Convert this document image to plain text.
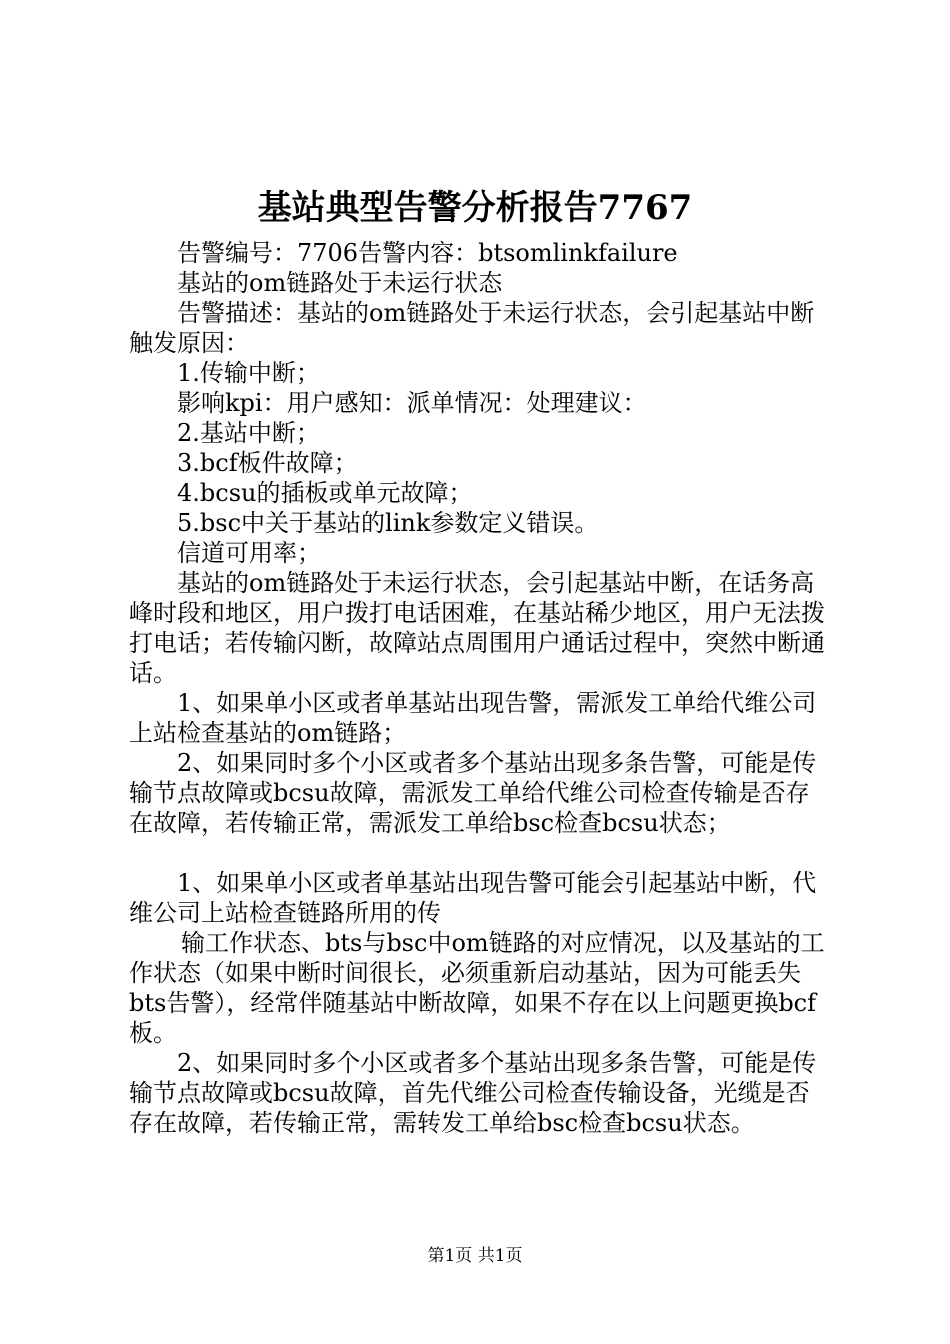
基站典型告警分析报告7767

告警编号：7706告警内容：btsomlinkfailure

基站的om链路处于未运行状态

告警描述：基站的om链路处于未运行状态，会引起基站中断触发原因：

1.传输中断；

影响kpi：用户感知：派单情况：处理建议：

2.基站中断；

3.bcf板件故障；

4.bcsu的插板或单元故障；

5.bsc中关于基站的link参数定义错误。

信道可用率；

基站的om链路处于未运行状态，会引起基站中断，在话务高峰时段和地区，用户拨打电话困难，在基站稀少地区，用户无法拨打电话；若传输闪断，故障站点周围用户通话过程中，突然中断通话。

1、如果单小区或者单基站出现告警，需派发工单给代维公司上站检查基站的om链路；

2、如果同时多个小区或者多个基站出现多条告警，可能是传输节点故障或bcsu故障，需派发工单给代维公司检查传输是否存在故障，若传输正常，需派发工单给bsc检查bcsu状态；

1、如果单小区或者单基站出现告警可能会引起基站中断，代维公司上站检查链路所用的传

输工作状态、bts与bsc中om链路的对应情况，以及基站的工作状态（如果中断时间很长，必须重新启动基站，因为可能丢失bts告警），经常伴随基站中断故障，如果不存在以上问题更换bcf板。

2、如果同时多个小区或者多个基站出现多条告警，可能是传输节点故障或bcsu故障，首先代维公司检查传输设备，光缆是否存在故障，若传输正常，需转发工单给bsc检查bcsu状态。

第1页 共1页
